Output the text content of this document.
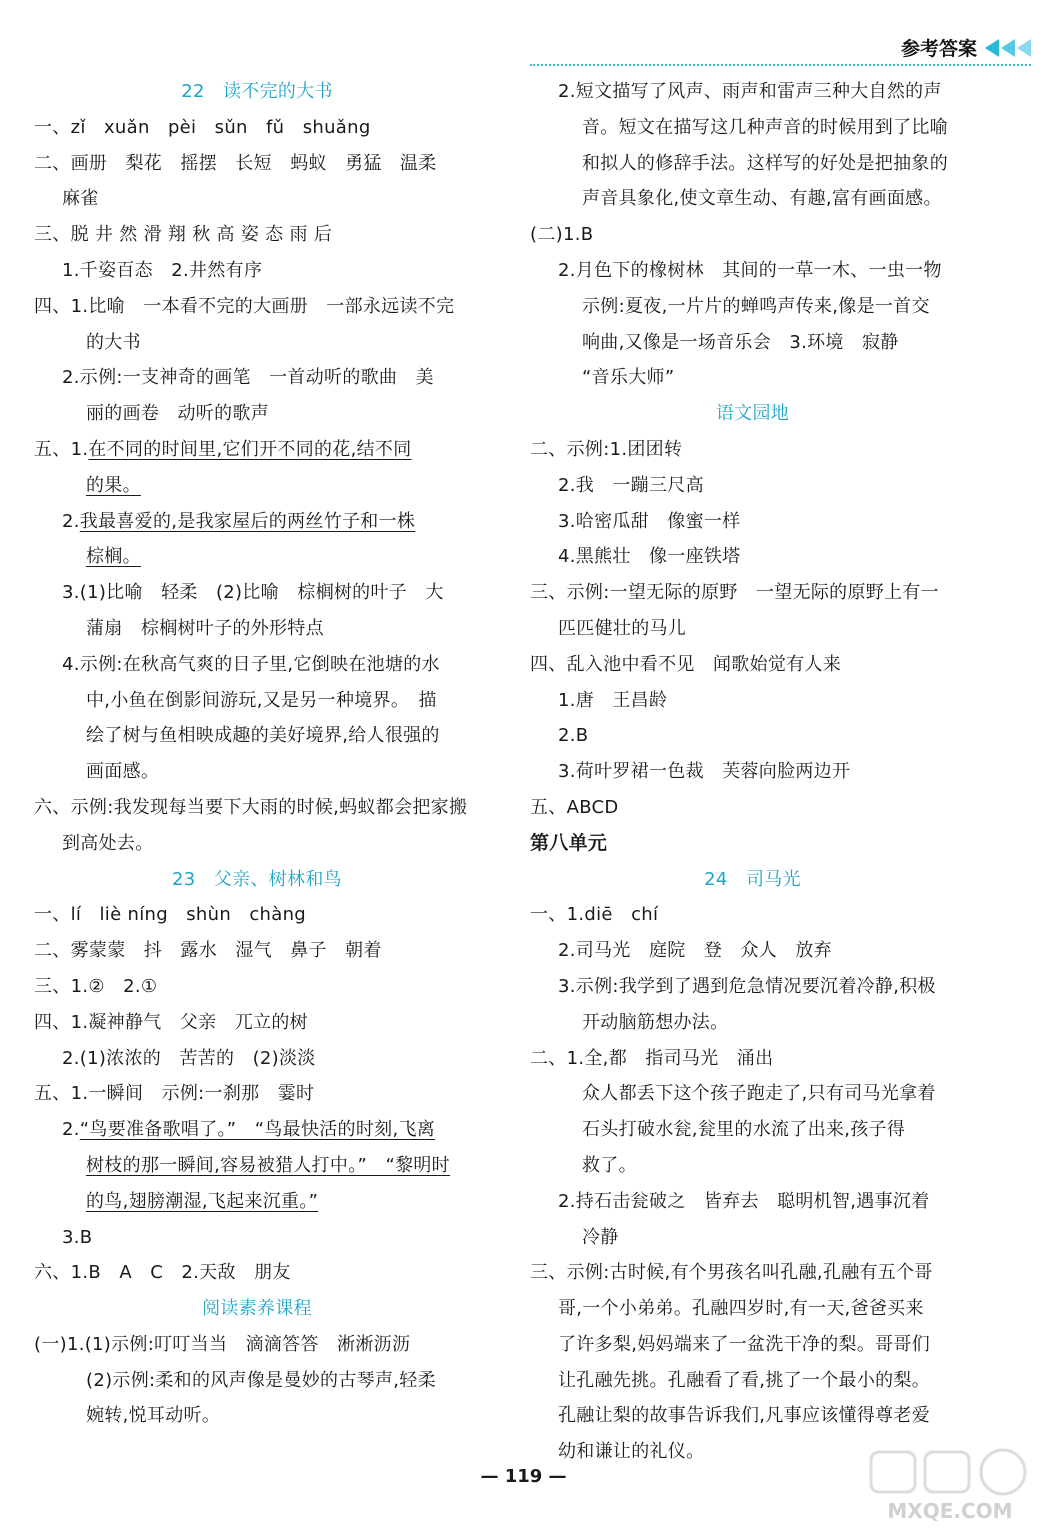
参考答案
22　读不完的大书
一、zǐ　xuǎn　pèi　sǔn　fǔ　shuǎng
二、画册　梨花　摇摆　长短　蚂蚁　勇猛　温柔
麻雀
三、脱 井 然 滑 翔 秋 高 姿 态 雨 后
1.千姿百态　2.井然有序
四、1.比喻　一本看不完的大画册　一部永远读不完
的大书
2.示例:一支神奇的画笔　一首动听的歌曲　美
丽的画卷　动听的歌声
五、1.在不同的时间里,它们开不同的花,结不同
的果。
2.我最喜爱的,是我家屋后的两丝竹子和一株
棕榈。
3.(1)比喻　轻柔　(2)比喻　棕榈树的叶子　大
蒲扇　棕榈树叶子的外形特点
4.示例:在秋高气爽的日子里,它倒映在池塘的水
中,小鱼在倒影间游玩,又是另一种境界。　描
绘了树与鱼相映成趣的美好境界,给人很强的
画面感。
六、示例:我发现每当要下大雨的时候,蚂蚁都会把家搬
到高处去。
23　父亲、树林和鸟
一、lí　liè níng　shùn　chàng
二、雾蒙蒙　抖　露水　湿气　鼻子　朝着
三、1.②　2.①
四、1.凝神静气　父亲　兀立的树
2.(1)浓浓的　苦苦的　(2)淡淡
五、1.一瞬间　示例:一刹那　霎时
2.“鸟要准备歌唱了。”　“鸟最快活的时刻,飞离
树枝的那一瞬间,容易被猎人打中。”　“黎明时
的鸟,翅膀潮湿,飞起来沉重。”
3.B
六、1.B　A　C　2.天敌　朋友
阅读素养课程
(一)1.(1)示例:叮叮当当　滴滴答答　淅淅沥沥
(2)示例:柔和的风声像是曼妙的古琴声,轻柔
婉转,悦耳动听。
2.短文描写了风声、雨声和雷声三种大自然的声
音。短文在描写这几种声音的时候用到了比喻
和拟人的修辞手法。这样写的好处是把抽象的
声音具象化,使文章生动、有趣,富有画面感。
(二)1.B
2.月色下的橡树林　其间的一草一木、一虫一物
示例:夏夜,一片片的蝉鸣声传来,像是一首交
响曲,又像是一场音乐会　3.环境　寂静
“音乐大师”
语文园地
二、示例:1.团团转
2.我　一蹦三尺高
3.哈密瓜甜　像蜜一样
4.黑熊壮　像一座铁塔
三、示例:一望无际的原野　一望无际的原野上有一
匹匹健壮的马儿
四、乱入池中看不见　闻歌始觉有人来
1.唐　王昌龄
2.B
3.荷叶罗裙一色裁　芙蓉向脸两边开
五、ABCD
第八单元
24　司马光
一、1.diē　chí
2.司马光　庭院　登　众人　放弃
3.示例:我学到了遇到危急情况要沉着冷静,积极
开动脑筋想办法。
二、1.全,都　指司马光　涌出
众人都丢下这个孩子跑走了,只有司马光拿着
石头打破水瓮,瓮里的水流了出来,孩子得
救了。
2.持石击瓮破之　皆弃去　聪明机智,遇事沉着
冷静
三、示例:古时候,有个男孩名叫孔融,孔融有五个哥
哥,一个小弟弟。孔融四岁时,有一天,爸爸买来
了许多梨,妈妈端来了一盆洗干净的梨。哥哥们
让孔融先挑。孔融看了看,挑了一个最小的梨。
孔融让梨的故事告诉我们,凡事应该懂得尊老爱
幼和谦让的礼仪。
— 119 —
MXQE.COM
